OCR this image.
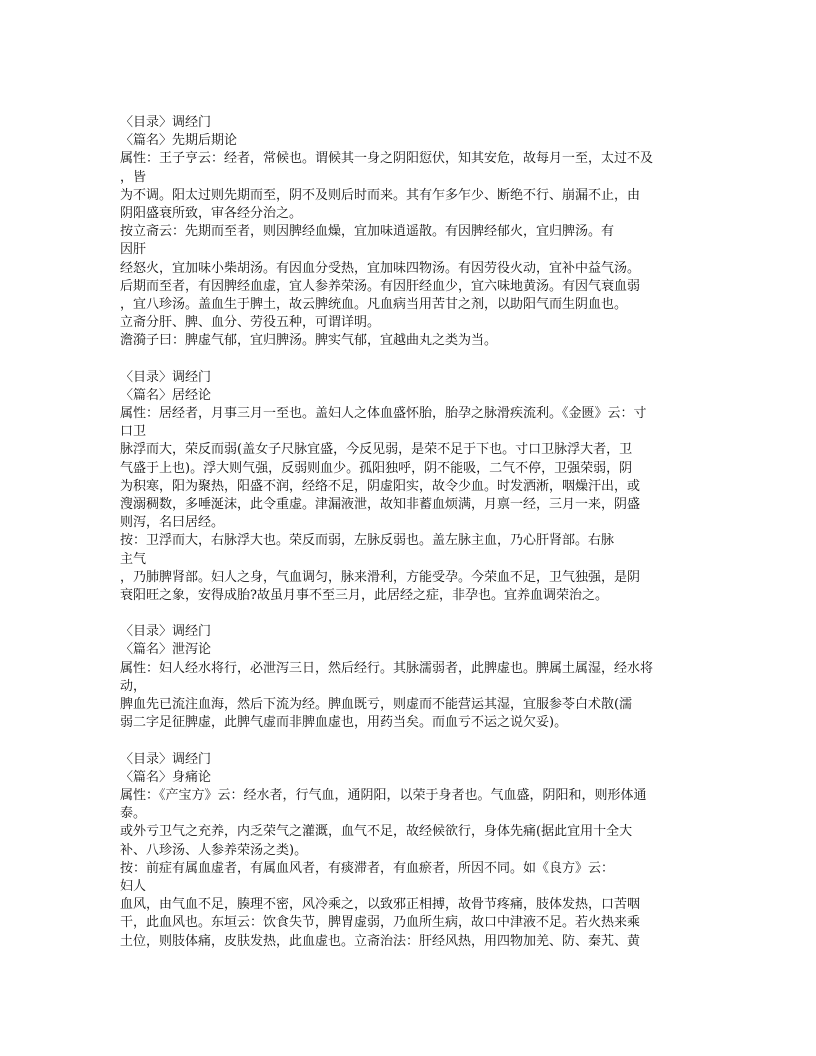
〈目录〉调经门
〈篇名〉先期后期论
属性：王子亨云：经者，常候也。谓候其一身之阴阳愆伏，知其安危，故每月一至，太过不及
，皆
为不调。阳太过则先期而至，阴不及则后时而来。其有乍多乍少、断绝不行、崩漏不止，由
阴阳盛衰所致，审各经分治之。
按立斋云：先期而至者，则因脾经血燥，宜加味逍遥散。有因脾经郁火，宜归脾汤。有
因肝
经怒火，宜加味小柴胡汤。有因血分受热，宜加味四物汤。有因劳役火动，宜补中益气汤。
后期而至者，有因脾经血虚，宜人参养荣汤。有因肝经血少，宜六味地黄汤。有因气衰血弱
，宜八珍汤。盖血生于脾土，故云脾统血。凡血病当用苦甘之剂，以助阳气而生阴血也。
立斋分肝、脾、血分、劳役五种，可谓详明。
澹漪子曰：脾虚气郁，宜归脾汤。脾实气郁，宜越曲丸之类为当。
〈目录〉调经门
〈篇名〉居经论
属性：居经者，月事三月一至也。盖妇人之体血盛怀胎，胎孕之脉滑疾流利。《金匮》云：寸
口卫
脉浮而大，荣反而弱(盖女子尺脉宜盛，今反见弱，是荣不足于下也。寸口卫脉浮大者，卫
气盛于上也)。浮大则气强，反弱则血少。孤阳独呼，阴不能吸，二气不停，卫强荣弱，阴
为积寒，阳为聚热，阳盛不润，经络不足，阴虚阳实，故令少血。时发洒淅，咽燥汗出，或
溲溺稠数，多唾涎沫，此令重虚。津漏液泄，故知非蓄血烦满，月禀一经，三月一来，阴盛
则泻，名曰居经。
按：卫浮而大，右脉浮大也。荣反而弱，左脉反弱也。盖左脉主血，乃心肝肾部。右脉
主气
，乃肺脾肾部。妇人之身，气血调匀，脉来滑利，方能受孕。今荣血不足，卫气独强，是阴
衰阳旺之象，安得成胎?故虽月事不至三月，此居经之症，非孕也。宜养血调荣治之。
〈目录〉调经门
〈篇名〉泄泻论
属性：妇人经水将行，必泄泻三日，然后经行。其脉濡弱者，此脾虚也。脾属土属湿，经水将
动，
脾血先已流注血海，然后下流为经。脾血既亏，则虚而不能营运其湿，宜服参苓白术散(濡
弱二字足征脾虚，此脾气虚而非脾血虚也，用药当矣。而血亏不运之说欠妥)。
〈目录〉调经门
〈篇名〉身痛论
属性：《产宝方》云：经水者，行气血，通阴阳，以荣于身者也。气血盛，阴阳和，则形体通
泰。
或外亏卫气之充养，内乏荣气之灌溉，血气不足，故经候欲行，身体先痛(据此宜用十全大
补、八珍汤、人参养荣汤之类)。
按：前症有属血虚者，有属血风者，有痰滞者，有血瘀者，所因不同。如《良方》云：
妇人
血风，由气血不足，腠理不密，风冷乘之，以致邪正相搏，故骨节疼痛，肢体发热，口苦咽
干，此血风也。东垣云：饮食失节，脾胃虚弱，乃血所生病，故口中津液不足。若火热来乘
土位，则肢体痛，皮肤发热，此血虚也。立斋治法：肝经风热，用四物加羌、防、秦艽、黄
